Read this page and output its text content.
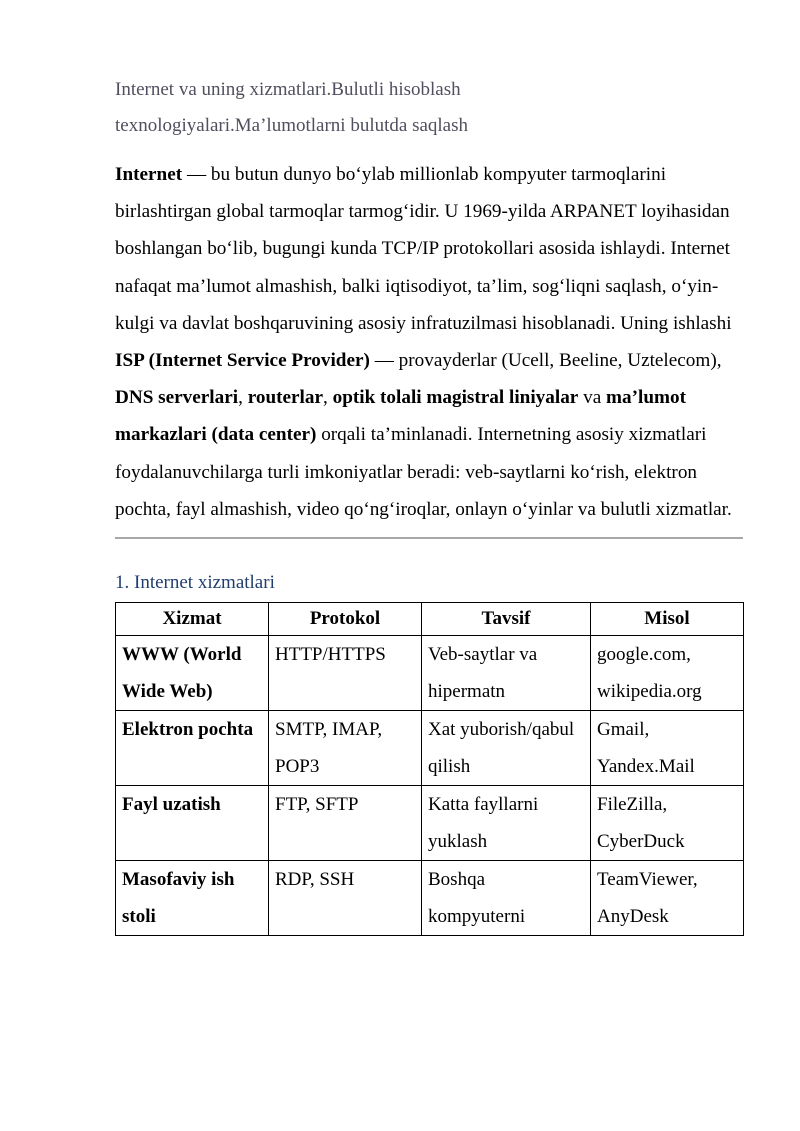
Internet va uning xizmatlari.Bulutli hisoblash
texnologiyalari.Ma’lumotlarni bulutda saqlash

Internet — bu butun dunyo bo‘ylab millionlab kompyuter tarmoqlarini birlashtirgan global tarmoqlar tarmog‘idir. U 1969-yilda ARPANET loyihasidan boshlangan bo‘lib, bugungi kunda TCP/IP protokollari asosida ishlaydi. Internet nafaqat ma’lumot almashish, balki iqtisodiyot, ta’lim, sog‘liqni saqlash, o‘yin-kulgi va davlat boshqaruvining asosiy infratuzilmasi hisoblanadi. Uning ishlashi ISP (Internet Service Provider) — provayderlar (Ucell, Beeline, Uztelecom), DNS serverlari, routerlar, optik tolali magistral liniyalar va ma’lumot markazlari (data center) orqali ta’minlanadi. Internetning asosiy xizmatlari foydalanuvchilarga turli imkoniyatlar beradi: veb-saytlarni ko‘rish, elektron pochta, fayl almashish, video qo‘ng‘iroqlar, onlayn o‘yinlar va bulutli xizmatlar.

1. Internet xizmatlari
Xizmat	Protokol	Tavsif	Misol
WWW (World Wide Web)	HTTP/HTTPS	Veb-saytlar va hipermatn	google.com, wikipedia.org
Elektron pochta	SMTP, IMAP, POP3	Xat yuborish/qabul qilish	Gmail, Yandex.Mail
Fayl uzatish	FTP, SFTP	Katta fayllarni yuklash	FileZilla, CyberDuck
Masofaviy ish stoli	RDP, SSH	Boshqa kompyuterni	TeamViewer, AnyDesk
